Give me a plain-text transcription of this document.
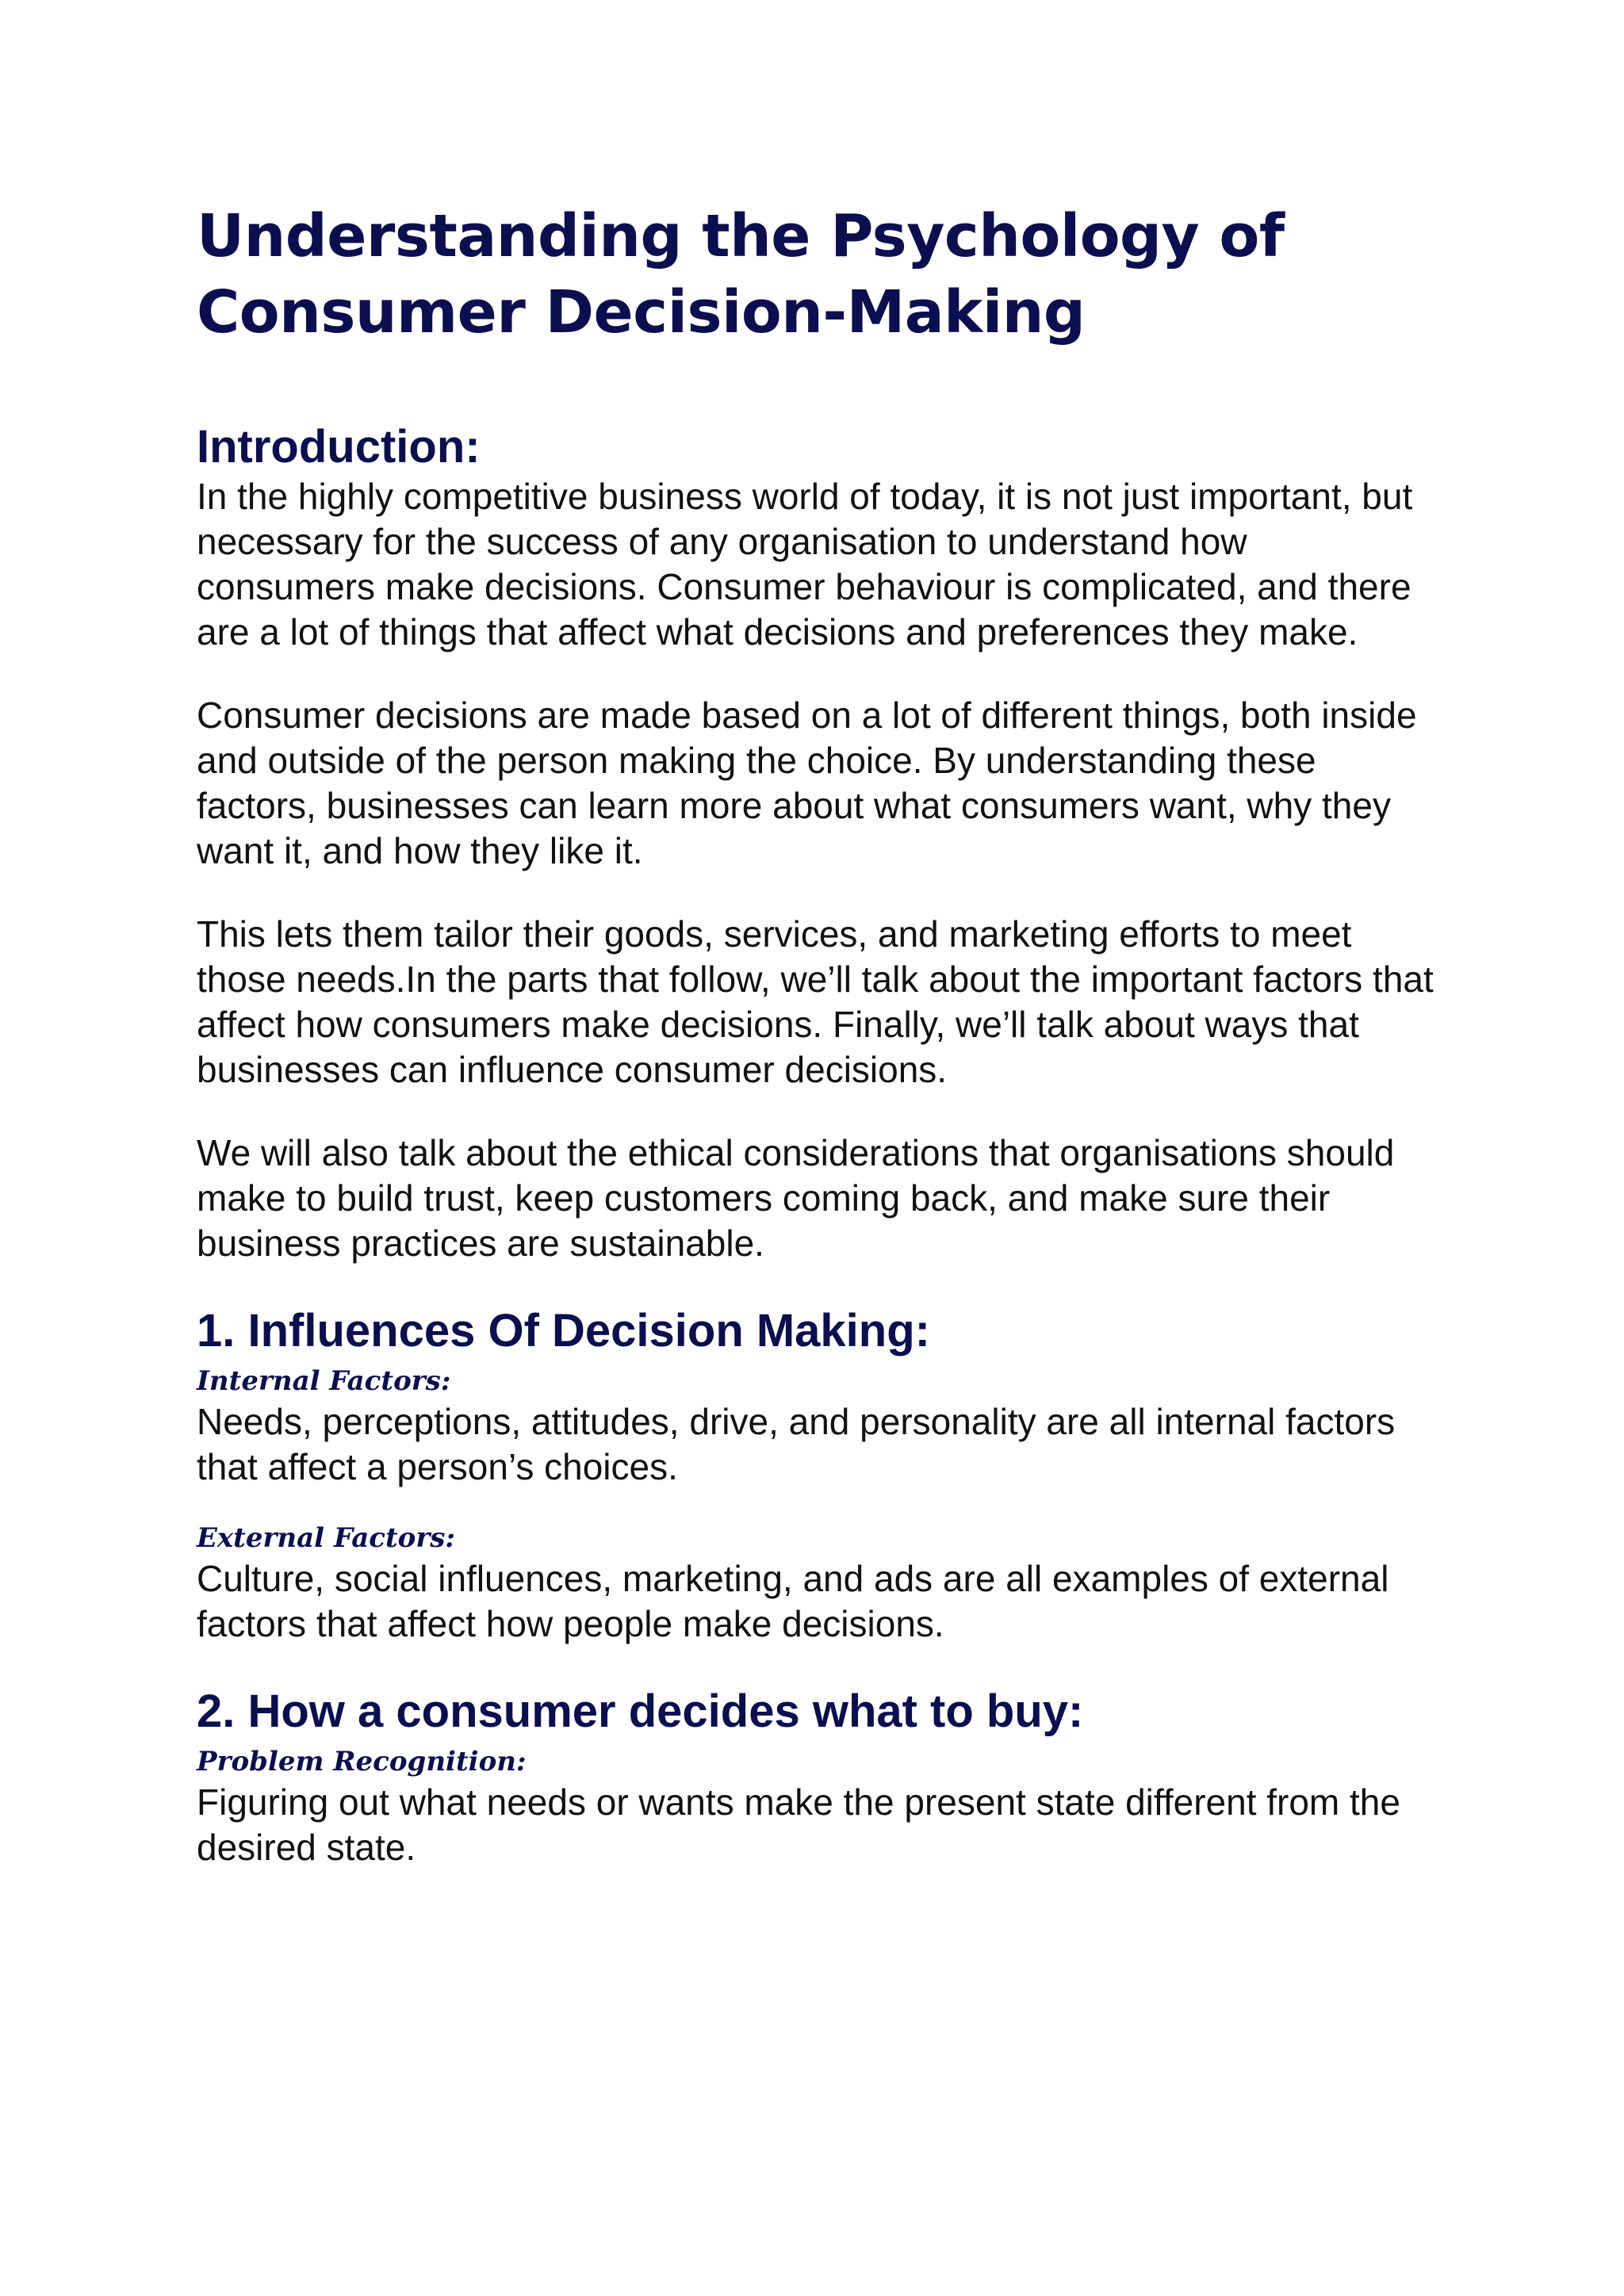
Understanding the Psychology of
Consumer Decision-Making
Introduction:

In the highly competitive business world of today, it is not just important, but necessary for the success of any organisation to understand how consumers make decisions. Consumer behaviour is complicated, and there are a lot of things that affect what decisions and preferences they make.

Consumer decisions are made based on a lot of different things, both inside and outside of the person making the choice. By understanding these factors, businesses can learn more about what consumers want, why they want it, and how they like it.

This lets them tailor their goods, services, and marketing efforts to meet those needs.In the parts that follow, we’ll talk about the important factors that affect how consumers make decisions. Finally, we’ll talk about ways that businesses can influence consumer decisions.

We will also talk about the ethical considerations that organisations should make to build trust, keep customers coming back, and make sure their business practices are sustainable.

1. Influences Of Decision Making:
Internal Factors:

Needs, perceptions, attitudes, drive, and personality are all internal factors that affect a person’s choices.

External Factors:

Culture, social influences, marketing, and ads are all examples of external factors that affect how people make decisions.

2. How a consumer decides what to buy:
Problem Recognition:

Figuring out what needs or wants make the present state different from the desired state.
